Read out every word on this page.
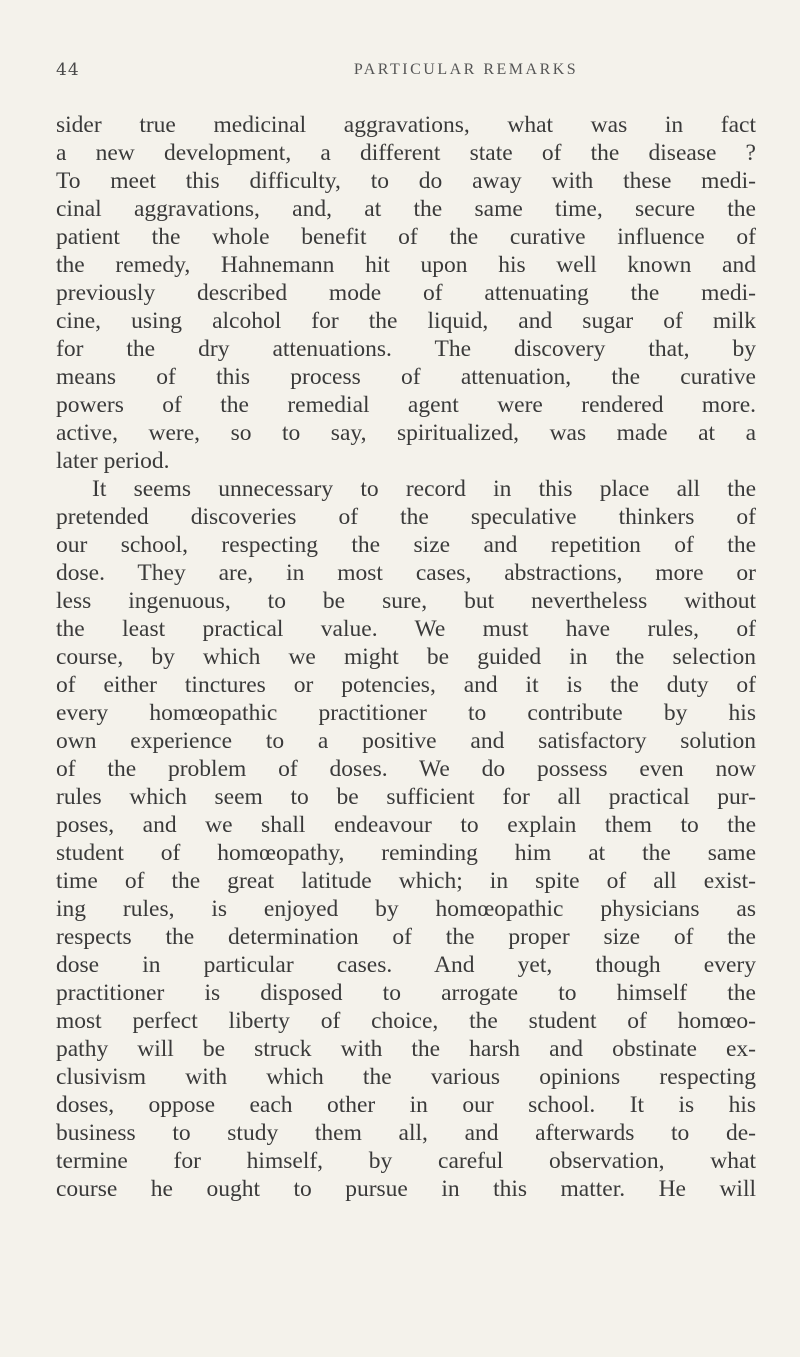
44	PARTICULAR REMARKS
sider true medicinal aggravations, what was in fact
a new development, a different state of the disease ?
To meet this difficulty, to do away with these medi-
cinal aggravations, and, at the same time, secure the
patient the whole benefit of the curative influence of
the remedy, Hahnemann hit upon his well known and
previously described mode of attenuating the medi-
cine, using alcohol for the liquid, and sugar of milk
for the dry attenuations. The discovery that, by
means of this process of attenuation, the curative
powers of the remedial agent were rendered more.
active, were, so to say, spiritualized, was made at a
later period.
It seems unnecessary to record in this place all the
pretended discoveries of the speculative thinkers of
our school, respecting the size and repetition of the
dose. They are, in most cases, abstractions, more or
less ingenuous, to be sure, but nevertheless without
the least practical value. We must have rules, of
course, by which we might be guided in the selection
of either tinctures or potencies, and it is the duty of
every homœopathic practitioner to contribute by his
own experience to a positive and satisfactory solution
of the problem of doses. We do possess even now
rules which seem to be sufficient for all practical pur-
poses, and we shall endeavour to explain them to the
student of homœopathy, reminding him at the same
time of the great latitude which; in spite of all exist-
ing rules, is enjoyed by homœopathic physicians as
respects the determination of the proper size of the
dose in particular cases. And yet, though every
practitioner is disposed to arrogate to himself the
most perfect liberty of choice, the student of homœo-
pathy will be struck with the harsh and obstinate ex-
clusivism with which the various opinions respecting
doses, oppose each other in our school. It is his
business to study them all, and afterwards to de-
termine for himself, by careful observation, what
course he ought to pursue in this matter. He will
